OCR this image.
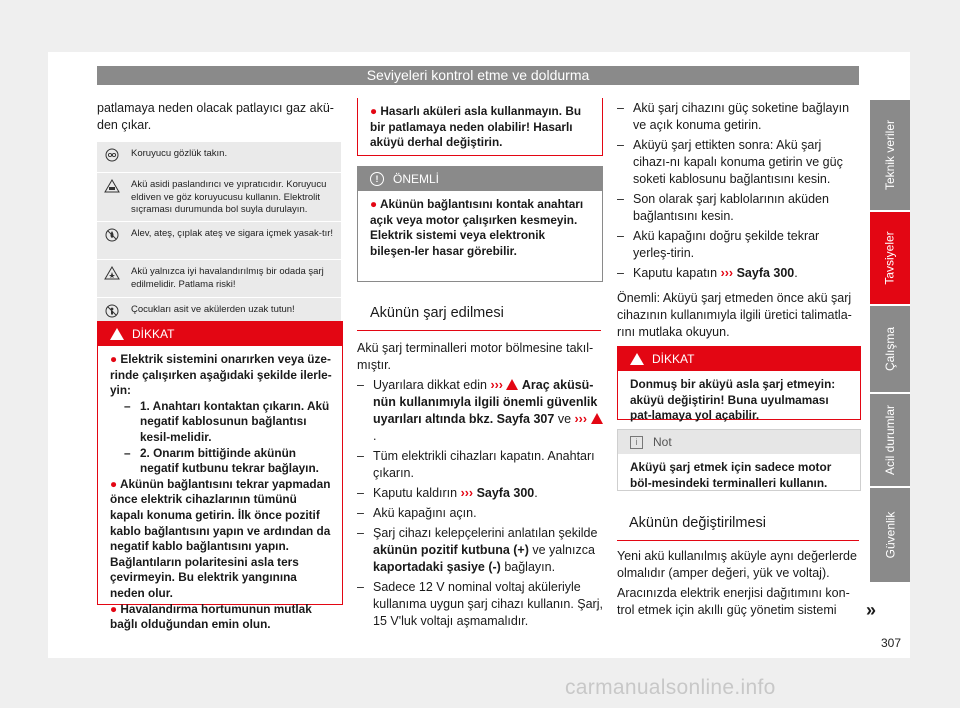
Seviyeleri kontrol etme ve doldurma

patlamaya neden olacak patlayıcı gaz akü-

den çıkar.

Koruyucu gözlük takın.
Akü asidi paslandırıcı ve yıpratıcıdır. Koruyucu eldiven ve göz koruyucusu kullanın. Elektrolit sıçraması durumunda bol suyla durulayın.
Alev, ateş, çıplak ateş ve sigara içmek yasak-tır!
Akü yalnızca iyi havalandırılmış bir odada şarj edilmelidir. Patlama riski!
Çocukları asit ve akülerden uzak tutun!
DİKKAT

● Elektrik sistemini onarırken veya üze-rinde çalışırken aşağıdaki şekilde ilerle-yin:

– 1. Anahtarı kontaktan çıkarın. Akü negatif kablosunun bağlantısı kesil-melidir.
– 2. Onarım bittiğinde akünün negatif kutbunu tekrar bağlayın.

● Akünün bağlantısını tekrar yapmadan önce elektrik cihazlarının tümünü kapalı konuma getirin. İlk önce pozitif kablo bağlantısını yapın ve ardından da negatif kablo bağlantısını yapın. Bağlantıların polaritesini asla ters çevirmeyin. Bu elektrik yangınına neden olur.

● Havalandırma hortumunun mutlak bağlı olduğundan emin olun.

● Hasarlı aküleri asla kullanmayın. Bu bir patlamaya neden olabilir! Hasarlı aküyü derhal değiştirin.

!	ÖNEMLİ

● Akünün bağlantısını kontak anahtarı açık veya motor çalışırken kesmeyin. Elektrik sistemi veya elektronik bileşen-ler hasar görebilir.

Akünün şarj edilmesi

Akü şarj terminalleri motor bölmesine takıl-mıştır.

– Uyarılara dikkat edin ››› Araç aküsü-nün kullanımıyla ilgili önemli güvenlik uyarıları altında bkz. Sayfa 307 ve ››› .
– Tüm elektrikli cihazları kapatın. Anahtarı çıkarın.
– Kaputu kaldırın ››› Sayfa 300.
– Akü kapağını açın.
– Şarj cihazı kelepçelerini anlatılan şekilde akünün pozitif kutbuna (+) ve yalnızca kaportadaki şasiye (-) bağlayın.
– Sadece 12 V nominal voltaj aküleriyle kullanıma uygun şarj cihazı kullanın. Şarj, 15 V'luk voltajı aşmamalıdır.
– Akü şarj cihazını güç soketine bağlayın ve açık konuma getirin.
– Aküyü şarj ettikten sonra: Akü şarj cihazı-nı kapalı konuma getirin ve güç soketi kablosunu bağlantısını kesin.
– Son olarak şarj kablolarının aküden bağlantısını kesin.
– Akü kapağını doğru şekilde tekrar yerleş-tirin.
– Kaputu kapatın ››› Sayfa 300.

Önemli: Aküyü şarj etmeden önce akü şarj cihazının kullanımıyla ilgili üretici talimatla-rını mutlaka okuyun.

DİKKAT
Donmuş bir aküyü asla şarj etmeyin: aküyü değiştirin! Buna uyulmaması pat-lamaya yol açabilir.
i	Not
Aküyü şarj etmek için sadece motor böl-mesindeki terminalleri kullanın.
Akünün değiştirilmesi

Yeni akü kullanılmış aküyle aynı değerlerde olmalıdır (amper değeri, yük ve voltaj).

Aracınızda elektrik enerjisi dağıtımını kon-trol etmek için akıllı güç yönetim sistemi	»
Teknik veriler
Tavsiyeler
Çalışma
Acil durumlar
Güvenlik
307
carmanualsonline.info
